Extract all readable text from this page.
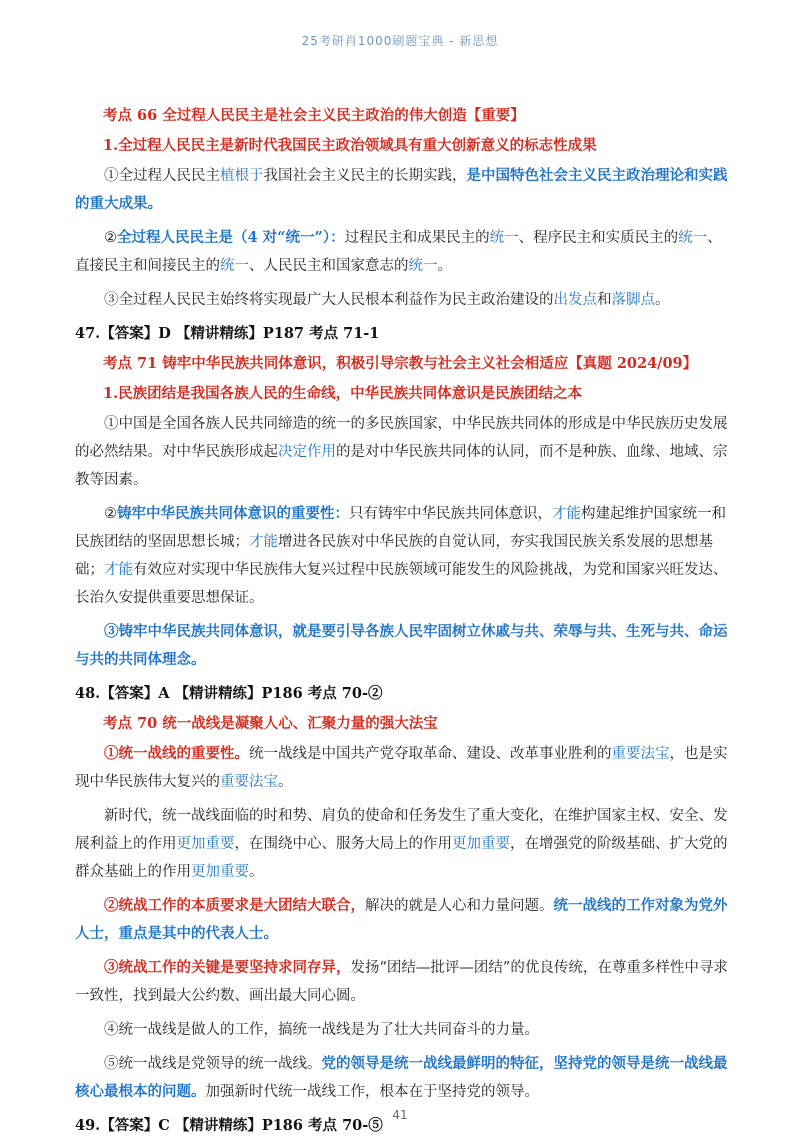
25考研肖1000刷题宝典 - 新思想

考点 66 全过程人民民主是社会主义民主政治的伟大创造【重要】

1.全过程人民民主是新时代我国民主政治领域具有重大创新意义的标志性成果

①全过程人民民主植根于我国社会主义民主的长期实践，是中国特色社会主义民主政治理论和实践的重大成果。

②全过程人民民主是（4 对“统一”）：过程民主和成果民主的统一、程序民主和实质民主的统一、直接民主和间接民主的统一、人民民主和国家意志的统一。

③全过程人民民主始终将实现最广大人民根本利益作为民主政治建设的出发点和落脚点。

47.【答案】D 【精讲精练】P187 考点 71-1

考点 71 铸牢中华民族共同体意识，积极引导宗教与社会主义社会相适应【真题 2024/09】

1.民族团结是我国各族人民的生命线，中华民族共同体意识是民族团结之本

①中国是全国各族人民共同缔造的统一的多民族国家，中华民族共同体的形成是中华民族历史发展的必然结果。对中华民族形成起决定作用的是对中华民族共同体的认同，而不是种族、血缘、地域、宗教等因素。

②铸牢中华民族共同体意识的重要性：只有铸牢中华民族共同体意识，才能构建起维护国家统一和民族团结的坚固思想长城；才能增进各民族对中华民族的自觉认同，夯实我国民族关系发展的思想基础；才能有效应对实现中华民族伟大复兴过程中民族领域可能发生的风险挑战，为党和国家兴旺发达、长治久安提供重要思想保证。

③铸牢中华民族共同体意识，就是要引导各族人民牢固树立休戚与共、荣辱与共、生死与共、命运与共的共同体理念。

48.【答案】A 【精讲精练】P186 考点 70-②

考点 70 统一战线是凝聚人心、汇聚力量的强大法宝

①统一战线的重要性。统一战线是中国共产党夺取革命、建设、改革事业胜利的重要法宝，也是实现中华民族伟大复兴的重要法宝。

新时代，统一战线面临的时和势、肩负的使命和任务发生了重大变化，在维护国家主权、安全、发展利益上的作用更加重要，在围绕中心、服务大局上的作用更加重要，在增强党的阶级基础、扩大党的群众基础上的作用更加重要。

②统战工作的本质要求是大团结大联合，解决的就是人心和力量问题。统一战线的工作对象为党外人士，重点是其中的代表人士。

③统战工作的关键是要坚持求同存异，发扬“团结—批评—团结”的优良传统，在尊重多样性中寻求一致性，找到最大公约数、画出最大同心圆。

④统一战线是做人的工作，搞统一战线是为了壮大共同奋斗的力量。

⑤统一战线是党领导的统一战线。党的领导是统一战线最鲜明的特征，坚持党的领导是统一战线最核心最根本的问题。加强新时代统一战线工作，根本在于坚持党的领导。

49.【答案】C 【精讲精练】P186 考点 70-⑤

41
